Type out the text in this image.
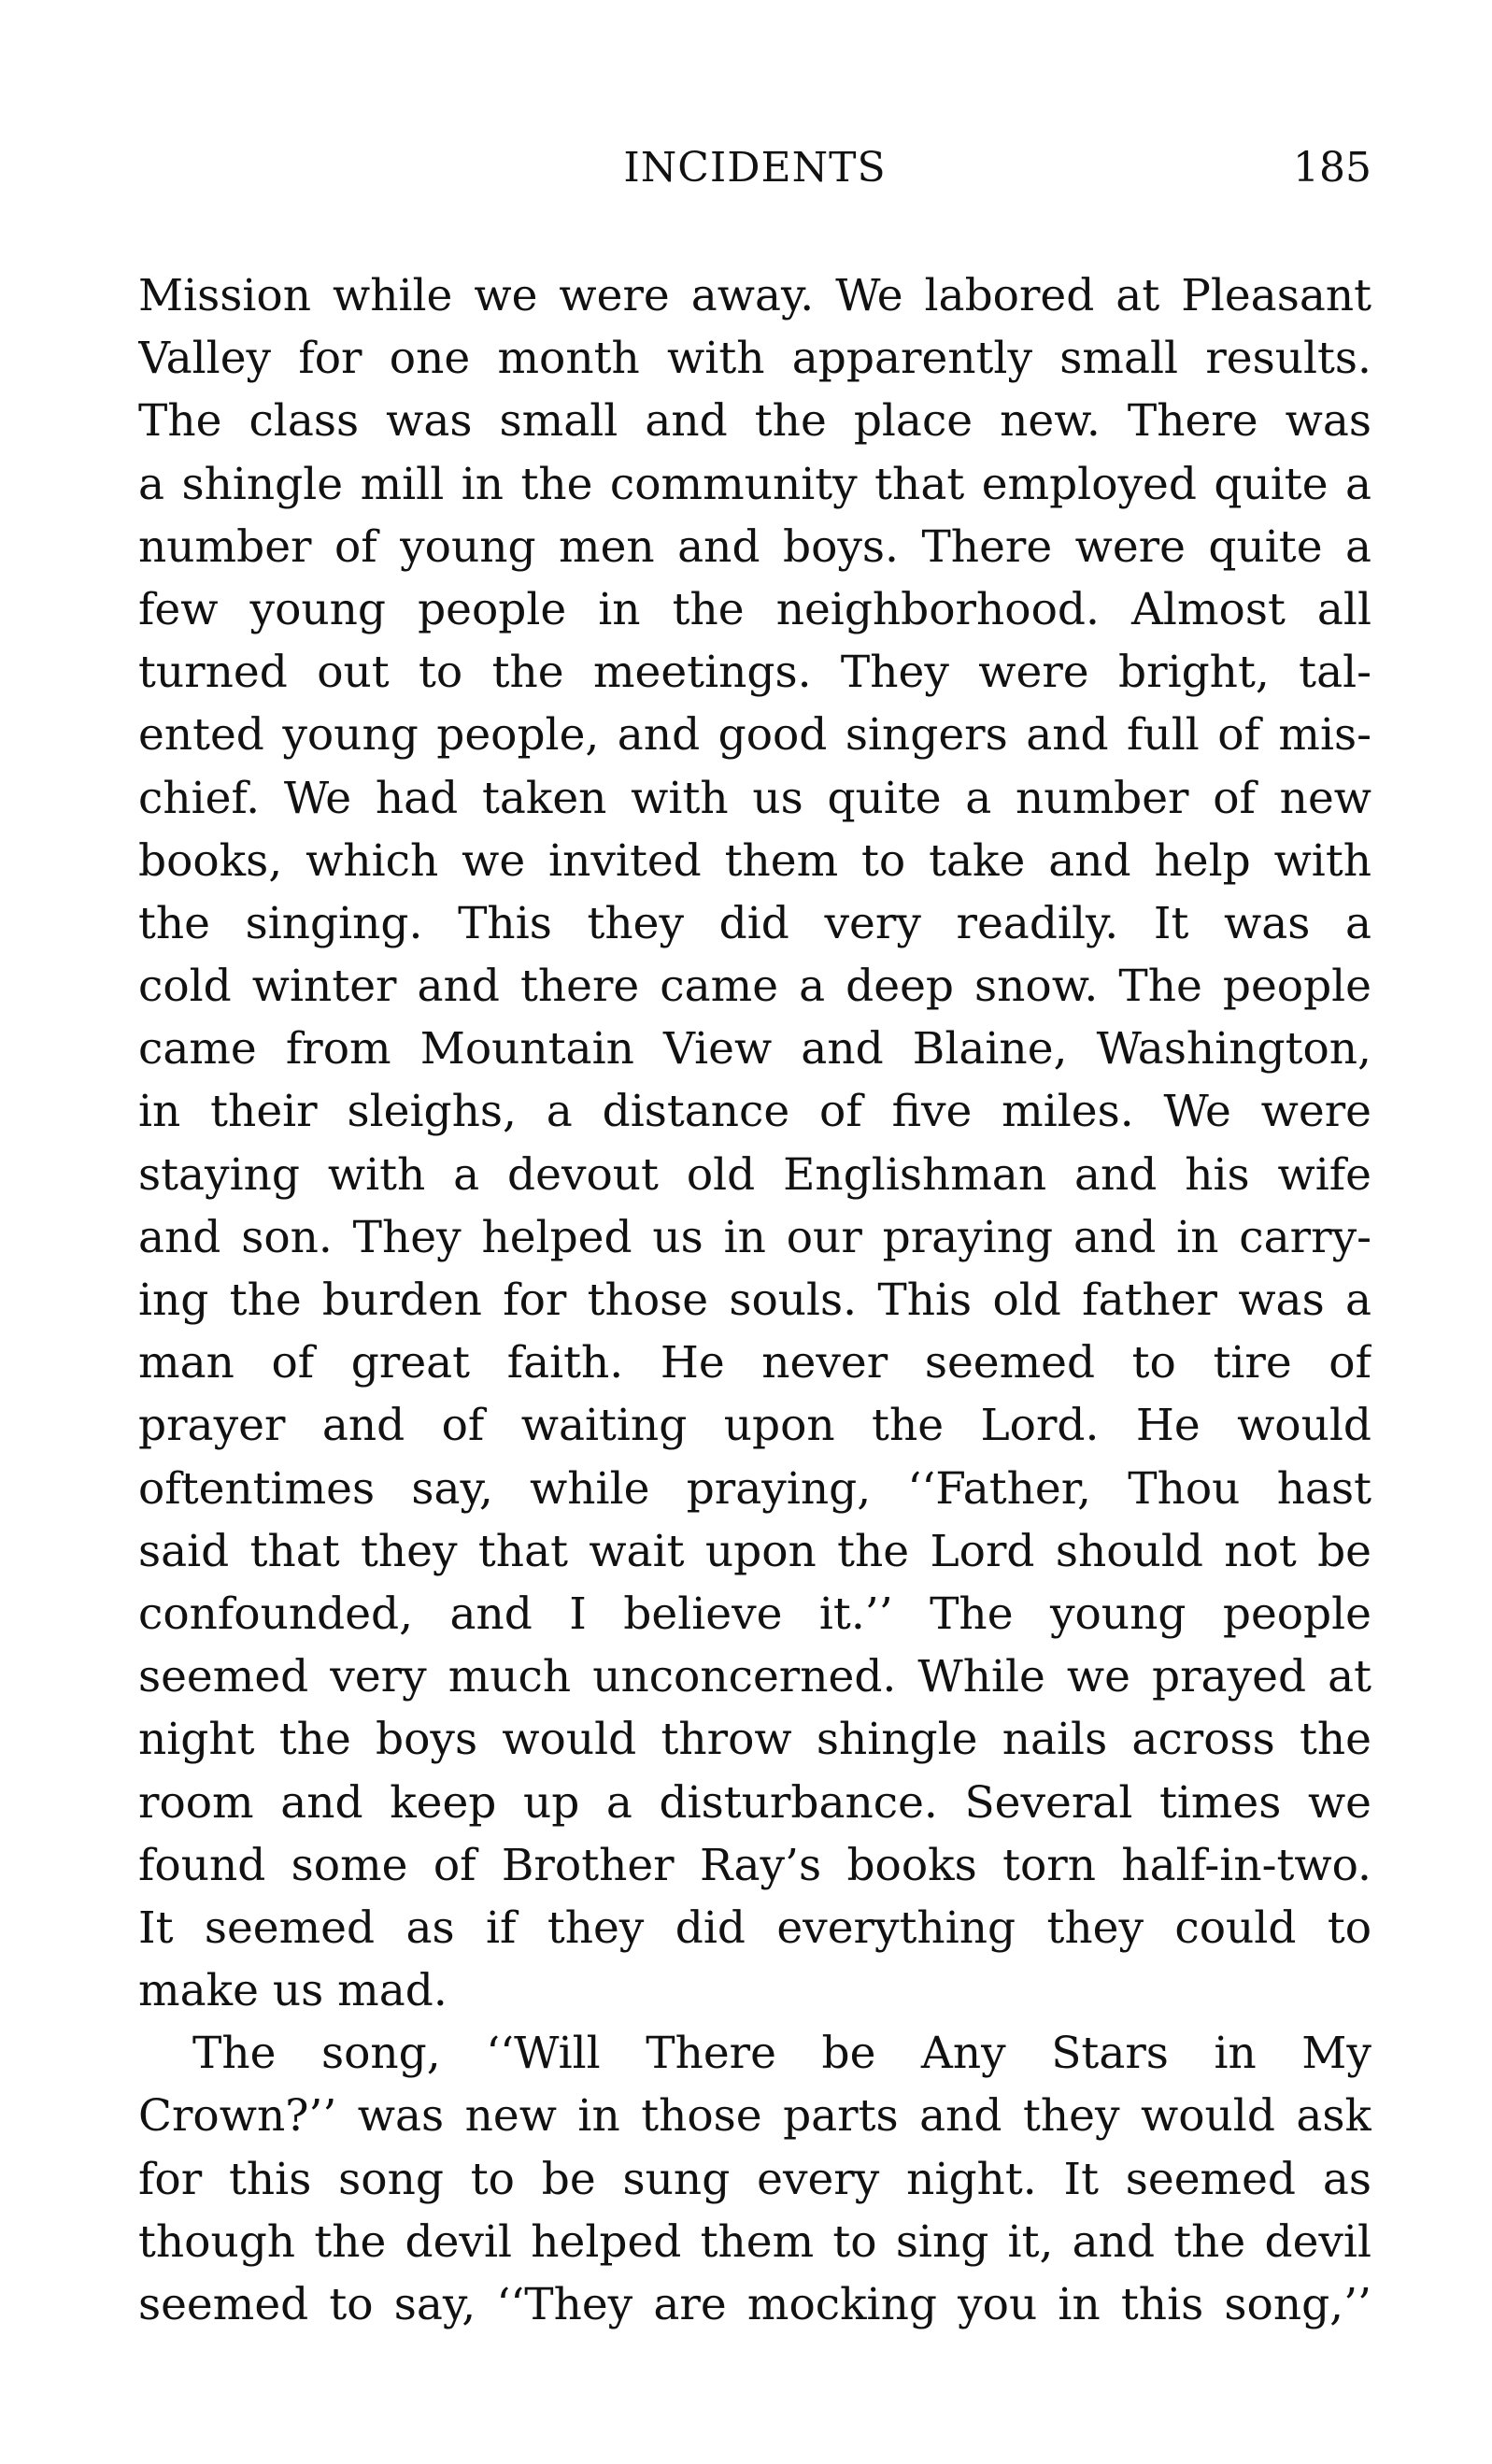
INCIDENTS	185
Mission while we were away. We labored at Pleasant
Valley for one month with apparently small results.
The class was small and the place new. There was
a shingle mill in the community that employed quite a
number of young men and boys. There were quite a
few young people in the neighborhood. Almost all
turned out to the meetings. They were bright, tal-
ented young people, and good singers and full of mis-
chief. We had taken with us quite a number of new
books, which we invited them to take and help with
the singing. This they did very readily. It was a
cold winter and there came a deep snow. The people
came from Mountain View and Blaine, Washington,
in their sleighs, a distance of five miles. We were
staying with a devout old Englishman and his wife
and son. They helped us in our praying and in carry-
ing the burden for those souls. This old father was a
man of great faith. He never seemed to tire of
prayer and of waiting upon the Lord. He would
oftentimes say, while praying, ‘‘Father, Thou hast
said that they that wait upon the Lord should not be
confounded, and I believe it.’’ The young people
seemed very much unconcerned. While we prayed at
night the boys would throw shingle nails across the
room and keep up a disturbance. Several times we
found some of Brother Ray’s books torn half-in-two.
It seemed as if they did everything they could to
make us mad.
The song, ‘‘Will There be Any Stars in My
Crown?’’ was new in those parts and they would ask
for this song to be sung every night. It seemed as
though the devil helped them to sing it, and the devil
seemed to say, ‘‘They are mocking you in this song,’’
